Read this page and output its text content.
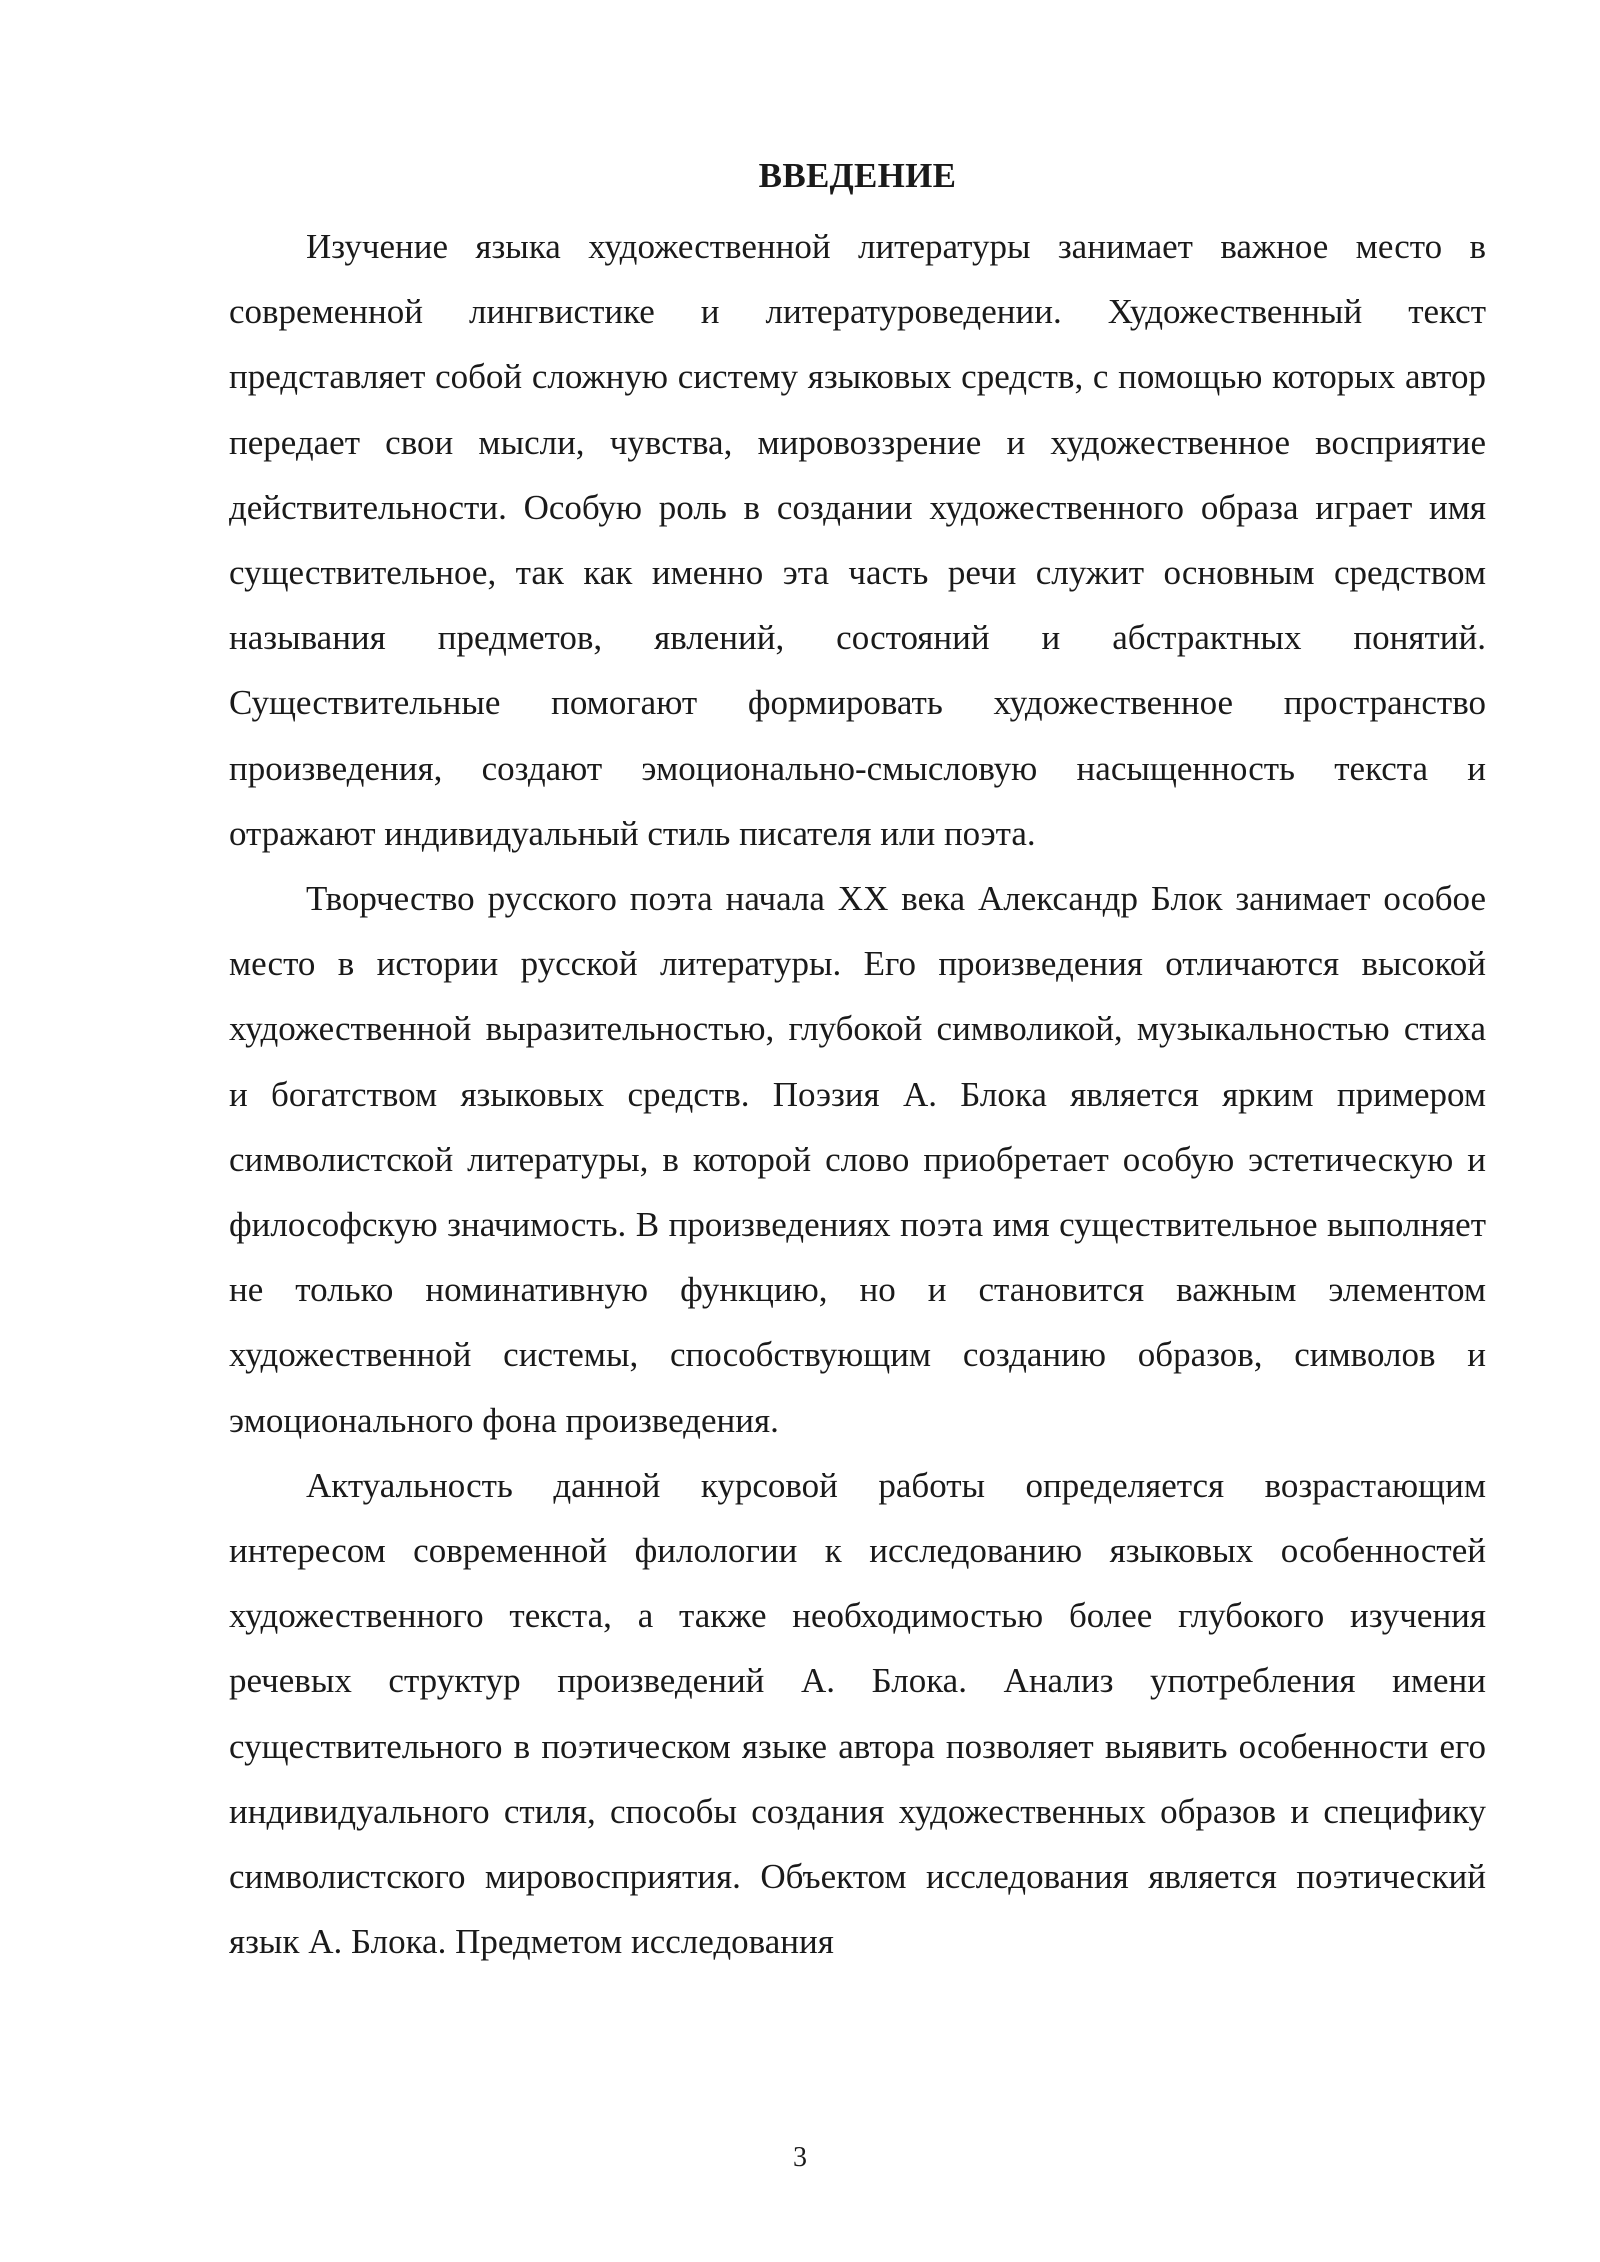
ВВЕДЕНИЕ

Изучение языка художественной литературы занимает важное место в современной лингвистике и литературоведении. Художественный текст представляет собой сложную систему языковых средств, с помощью которых автор передает свои мысли, чувства, мировоззрение и художественное восприятие действительности. Особую роль в создании художественного образа играет имя существительное, так как именно эта часть речи служит основным средством называния предметов, явлений, состояний и абстрактных понятий. Существительные помогают формировать художественное пространство произведения, создают эмоционально-смысловую насыщенность текста и отражают индивидуальный стиль писателя или поэта.

Творчество русского поэта начала XX века Александр Блок занимает особое место в истории русской литературы. Его произведения отличаются высокой художественной выразительностью, глубокой символикой, музыкальностью стиха и богатством языковых средств. Поэзия А. Блока является ярким примером символистской литературы, в которой слово приобретает особую эстетическую и философскую значимость. В произведениях поэта имя существительное выполняет не только номинативную функцию, но и становится важным элементом художественной системы, способствующим созданию образов, символов и эмоционального фона произведения.

Актуальность данной курсовой работы определяется возрастающим интересом современной филологии к исследованию языковых особенностей художественного текста, а также необходимостью более глубокого изучения речевых структур произведений А. Блока. Анализ употребления имени существительного в поэтическом языке автора позволяет выявить особенности его индивидуального стиля, способы создания художественных образов и специфику символистского мировосприятия. Объектом исследования является поэтический язык А. Блока. Предметом исследования

3
